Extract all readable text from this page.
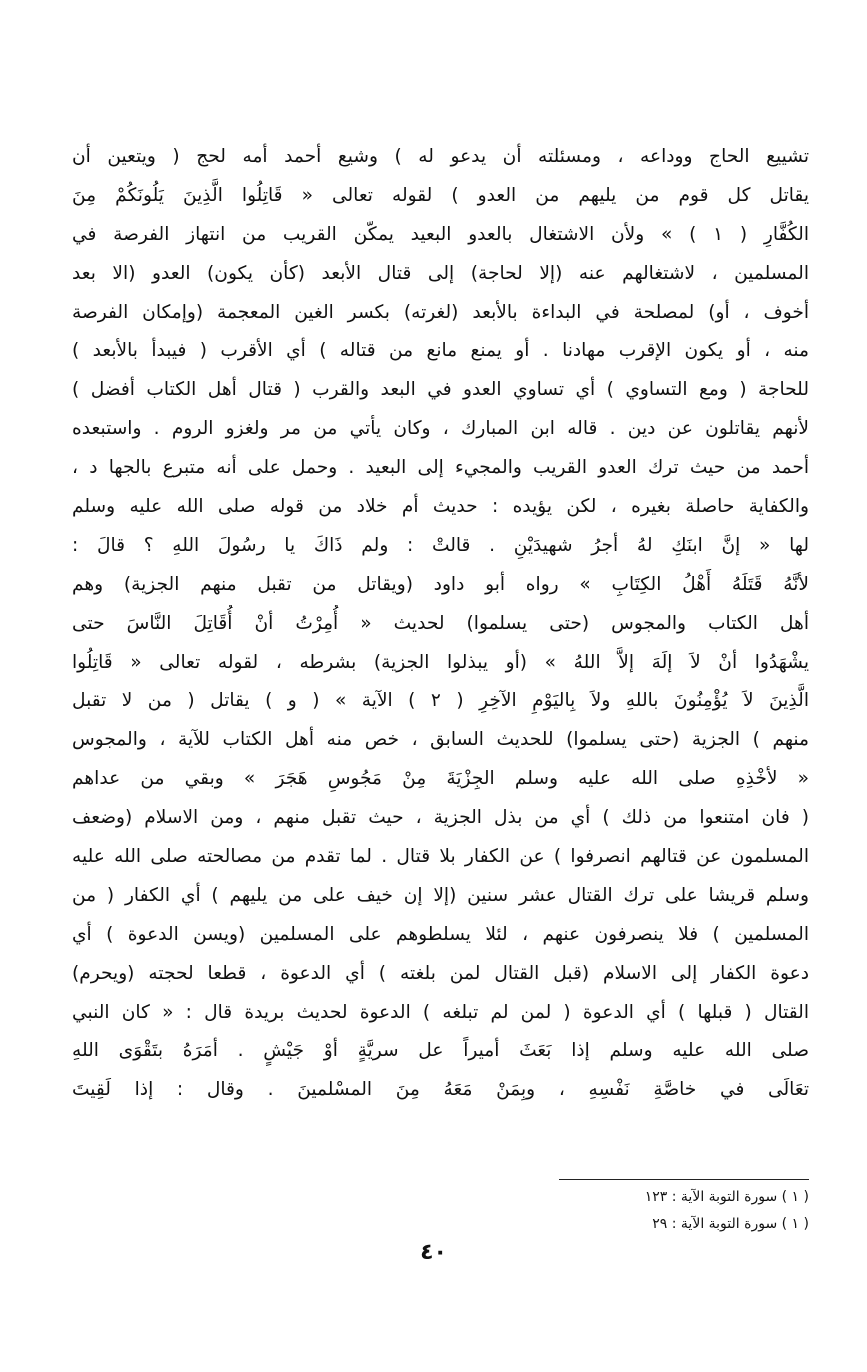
تشييع الحاج ووداعه ، ومسئلته أن يدعو له ) وشيع أحمد أمه لحج ( ويتعين أن
يقاتل كل قوم من يليهم من العدو ) لقوله تعالى « قَاتِلُوا الَّذِينَ يَلُونَكُمْ مِنَ
الكُفَّارِ ( ١ ) » ولأن الاشتغال بالعدو البعيد يمكّن القريب من انتهاز الفرصة في
المسلمين ، لاشتغالهم عنه (إلا لحاجة) إلى قتال الأبعد (كأن يكون) العدو (الا بعد
أخوف ، أو) لمصلحة في البداءة بالأبعد (لغرته) بكسر الغين المعجمة (وإمكان الفرصة
منه ، أو يكون الإقرب مهادنا . أو يمنع مانع من قتاله ) أي الأقرب ( فيبدأ بالأبعد )
للحاجة ( ومع التساوي ) أي تساوي العدو في البعد والقرب ( قتال أهل الكتاب أفضل )
لأنهم يقاتلون عن دين . قاله ابن المبارك ، وكان يأتي من مر ولغزو الروم . واستبعده
أحمد من حيث ترك العدو القريب والمجيء إلى البعيد . وحمل على أنه متبرع بالجها د ،
والكفاية حاصلة بغيره ، لكن يؤيده : حديث أم خلاد من قوله صلى الله عليه وسلم
لها « إنَّ ابنَكِ لهُ أجرُ شهيدَيْنِ . قالتْ : ولم ذَاكَ يا رسُولَ اللهِ ؟ قالَ :
لأنَّهُ قَتَلَهُ أَهْلُ الكِتَابِ » رواه أبو داود (ويقاتل من تقبل منهم الجزية) وهم
أهل الكتاب والمجوس (حتى يسلموا) لحديث « أُمِرْتُ أنْ أُقَاتِلَ النَّاسَ حتى
يشْهَدُوا أنْ لاَ إلَهَ إلاَّ اللهُ » (أو يبذلوا الجزية) بشرطه ، لقوله تعالى « قَاتِلُوا
الَّذِينَ لاَ يُؤْمِنُونَ باللهِ ولاَ بِاليَوْمِ الآخِرِ ( ٢ ) الآية » ( و ) يقاتل ( من لا تقبل
منهم ) الجزية (حتى يسلموا) للحديث السابق ، خص منه أهل الكتاب للآية ، والمجوس
« لأخْذِهِ صلى الله عليه وسلم الجِزْيَةَ مِنْ مَجُوسِ هَجَرَ » وبقي من عداهم
( فان امتنعوا من ذلك ) أي من بذل الجزية ، حيث تقبل منهم ، ومن الاسلام (وضعف
المسلمون عن قتالهم انصرفوا ) عن الكفار بلا قتال . لما تقدم من مصالحته صلى الله عليه
وسلم قريشا على ترك القتال عشر سنين (إلا إن خيف على من يليهم ) أي الكفار ( من
المسلمين ) فلا ينصرفون عنهم ، لئلا يسلطوهم على المسلمين (ويسن الدعوة ) أي
دعوة الكفار إلى الاسلام (قبل القتال لمن بلغته ) أي الدعوة ، قطعا لحجته (ويحرم)
القتال ( قبلها ) أي الدعوة ( لمن لم تبلغه ) الدعوة لحديث بريدة قال : « كان النبي
صلى الله عليه وسلم إذا بَعَثَ أميراً عل سريَّةٍ أوْ جَيْشٍ . أمَرَهُ بتَقْوَى اللهِ
تعَالَى في خاصَّةِ نَفْسِهِ ، وبِمَنْ مَعَهُ مِنَ المسْلمينَ . وقال : إذا لَقِيتَ
( ١ ) سورة التوبة الآية : ١٢٣
( ١ ) سورة التوبة الآية : ٢٩
٤٠
